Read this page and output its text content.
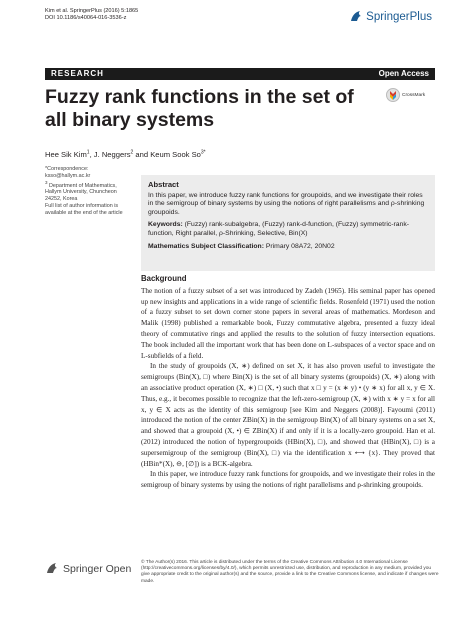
Kim et al. SpringerPlus (2016) 5:1865
DOI 10.1186/s40064-016-3536-z	SpringerPlus
RESEARCH	Open Access
CrossMark
Fuzzy rank functions in the set of all binary systems
Hee Sik Kim$^1$, J. Neggers$^2$ and Keum Sook $So^{3*}$

*Correspondence:

ksso@hallym.ac.kr

$^3$ Department of Mathematics, Hallym University, Chuncheon 24252, Korea

Full list of author information is available at the end of the article

Abstract

In this paper, we introduce fuzzy rank functions for groupoids, and we investigate their roles in the semigroup of binary systems by using the notions of right parallelisms and ρ-shrinking groupoids.

Keywords: (Fuzzy) rank-subalgebra, (Fuzzy) rank-d-function, (Fuzzy) symmetric-rank-function, Right parallel, ρ-Shrinking, Selective, Bin(X)

Mathematics Subject Classification: Primary 08A72, 20N02

Background

The notion of a fuzzy subset of a set was introduced by Zadeh (1965). His seminal paper has opened up new insights and applications in a wide range of scientific fields. Rosenfeld (1971) used the notion of a fuzzy subset to set down corner stone papers in several areas of mathematics. Mordeson and Malik (1998) published a remarkable book, Fuzzy commutative algebra, presented a fuzzy ideal theory of commutative rings and applied the results to the solution of fuzzy intersection equations. The book included all the important work that has been done on L-subspaces of a vector space and on L-subfields of a field.

In the study of groupoids (X, ∗) defined on set X, it has also proven useful to investigate the semigroups (Bin(X), □) where Bin(X) is the set of all binary systems (groupoids) (X, ∗) along with an associative product operation (X, ∗) □ (X, •) such that x □ y = (x ∗ y) • (y ∗ x) for all x, y ∈ X. Thus, e.g., it becomes possible to recognize that the left-zero-semigroup (X, ∗) with x ∗ y = x for all x, y ∈ X acts as the identity of this semigroup [see Kim and Neggers (2008)]. Fayoumi (2011) introduced the notion of the center ZBin(X) in the semigroup Bin(X) of all binary systems on a set X, and showed that a groupoid (X, •) ∈ ZBin(X) if and only if it is a locally-zero groupoid. Han et al. (2012) introduced the notion of hypergroupoids (HBin(X), □), and showed that (HBin(X), □) is a supersemigroup of the semigroup (Bin(X), □) via the identification x ⟷ {x}. They proved that (HBin*(X), ⊖, [∅]) is a BCK-algebra.

In this paper, we introduce fuzzy rank functions for groupoids, and we investigate their roles in the semigroup of binary systems by using the notions of right parallelisms and ρ-shrinking groupoids.

Springer Open © The Author(s) 2016. This article is distributed under the terms of the Creative Commons Attribution 4.0 International License (http://creativecommons.org/licenses/by/4.0/), which permits unrestricted use, distribution, and reproduction in any medium, provided you give appropriate credit to the original author(s) and the source, provide a link to the Creative Commons license, and indicate if changes were made.
